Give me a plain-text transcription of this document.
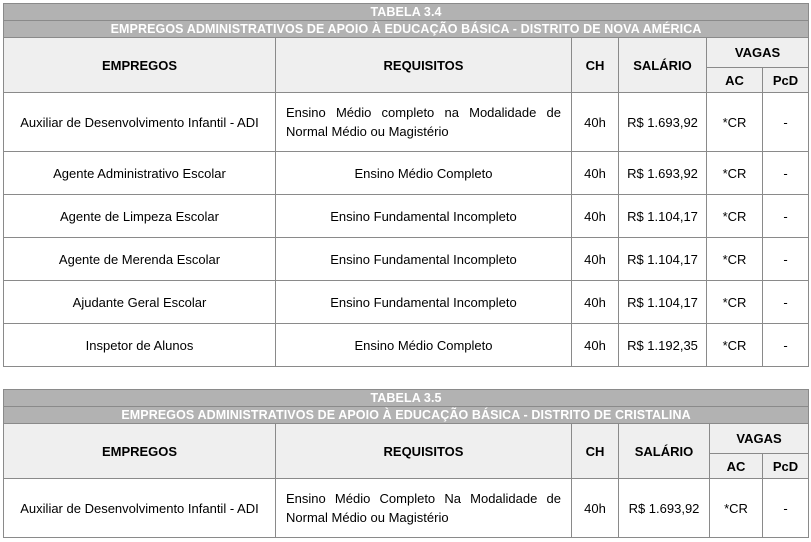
TABELA 3.4					
EMPREGOS ADMINISTRATIVOS DE APOIO À EDUCAÇÃO BÁSICA - DISTRITO DE NOVA AMÉRICA					
EMPREGOS	REQUISITOS	CH	SALÁRIO	VAGAS	
				AC	PcD
Auxiliar de Desenvolvimento Infantil - ADI	Ensino Médio completo na Modalidade de Normal Médio ou Magistério	40h	R$ 1.693,92	*CR	-
Agente Administrativo Escolar	Ensino Médio Completo	40h	R$ 1.693,92	*CR	-
Agente de Limpeza Escolar	Ensino Fundamental Incompleto	40h	R$ 1.104,17	*CR	-
Agente de Merenda Escolar	Ensino Fundamental Incompleto	40h	R$ 1.104,17	*CR	-
Ajudante Geral Escolar	Ensino Fundamental Incompleto	40h	R$ 1.104,17	*CR	-
Inspetor de Alunos	Ensino Médio Completo	40h	R$ 1.192,35	*CR	-
TABELA 3.5					
EMPREGOS ADMINISTRATIVOS DE APOIO À EDUCAÇÃO BÁSICA - DISTRITO DE CRISTALINA					
EMPREGOS	REQUISITOS	CH	SALÁRIO	VAGAS	
				AC	PcD
Auxiliar de Desenvolvimento Infantil - ADI	Ensino Médio Completo Na Modalidade de Normal Médio ou Magistério	40h	R$ 1.693,92	*CR	-
